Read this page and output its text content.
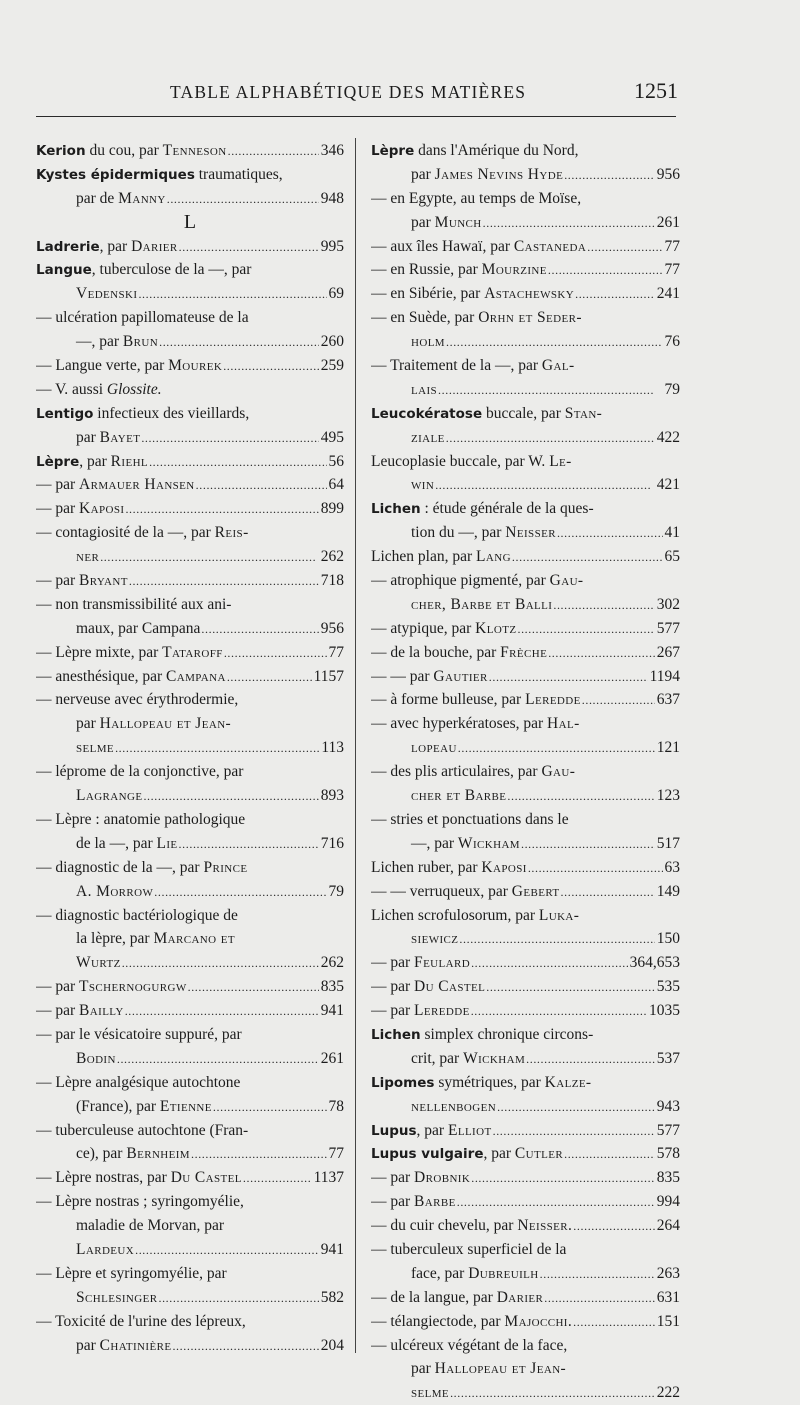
TABLE ALPHABÉTIQUE DES MATIÈRES	1251
Kerion du cou, par Tenneson . . .	346
Kystes épidermiques traumatiques,
par de Manny . . .	948
L
Ladrerie, par Darier . . .	995
Langue, tuberculose de la —, par
Vedenski . . .	69
— ulcération papillomateuse de la
—, par Brun . . .	260
— Langue verte, par Mourek . . .	259
— V. aussi Glossite.
Lentigo infectieux des vieillards,
par Bayet . . .	495
Lèpre, par Riehl . . .	56
— par Armauer Hansen . . .	64
— par Kaposi . . .	899
— contagiosité de la —, par Reis-
ner . . .	262
— par Bryant . . .	718
— non transmissibilité aux ani-
maux, par Campana . . .	956
— Lèpre mixte, par Tataroff . . .	77
— anesthésique, par Campana . . .	1157
— nerveuse avec érythrodermie,
par Hallopeau et Jean-
selme . . .	113
— léprome de la conjonctive, par
Lagrange . . .	893
— Lèpre : anatomie pathologique
de la —, par Lie . . .	716
— diagnostic de la —, par Prince
A. Morrow . . .	79
— diagnostic bactériologique de
la lèpre, par Marcano et
Wurtz . . .	262
— par Tschernogurgw . . .	835
— par Bailly . . .	941
— par le vésicatoire suppuré, par
Bodin . . .	261
— Lèpre analgésique autochtone
(France), par Etienne . . .	78
— tuberculeuse autochtone (Fran-
ce), par Bernheim . . .	77
— Lèpre nostras, par Du Castel . . .	1137
— Lèpre nostras ; syringomyélie,
maladie de Morvan, par
Lardeux . . .	941
— Lèpre et syringomyélie, par
Schlesinger . . .	582
— Toxicité de l'urine des lépreux,
par Chatinière . . .	204
Lèpre dans l'Amérique du Nord,
par James Nevins Hyde . . .	956
— en Egypte, au temps de Moïse,
par Munch . . .	261
— aux îles Hawaï, par Castaneda . . .	77
— en Russie, par Mourzine . . .	77
— en Sibérie, par Astachewsky . . .	241
— en Suède, par Orhn et Seder-
holm . . .	76
— Traitement de la —, par Gal-
lais . . .	79
Leucokératose buccale, par Stan-
ziale . . .	422
Leucoplasie buccale, par W. Le-
win . . .	421
Lichen : étude générale de la ques-
tion du —, par Neisser . . .	41
Lichen plan, par Lang . . .	65
— atrophique pigmenté, par Gau-
cher, Barbe et Balli . . .	302
— atypique, par Klotz . . .	577
— de la bouche, par Frèche . . .	267
— — par Gautier . . .	1194
— à forme bulleuse, par Leredde . . .	637
— avec hyperkératoses, par Hal-
lopeau . . .	121
— des plis articulaires, par Gau-
cher et Barbe . . .	123
— stries et ponctuations dans le
—, par Wickham . . .	517
Lichen ruber, par Kaposi . . .	63
— — verruqueux, par Gebert . . .	149
Lichen scrofulosorum, par Luka-
siewicz . . .	150
— par Feulard . . .	364,653
— par Du Castel . . .	535
— par Leredde . . .	1035
Lichen simplex chronique circons-
crit, par Wickham . . .	537
Lipomes symétriques, par Kalze-
nellenbogen . . .	943
Lupus, par Elliot . . .	577
Lupus vulgaire, par Cutler . . .	578
— par Drobnik . . .	835
— par Barbe . . .	994
— du cuir chevelu, par Neisser. . . .	264
— tuberculeux superficiel de la
face, par Dubreuilh . . .	263
— de la langue, par Darier . . .	631
— télangiectode, par Majocchi. . . .	151
— ulcéreux végétant de la face,
par Hallopeau et Jean-
selme . . .	222
